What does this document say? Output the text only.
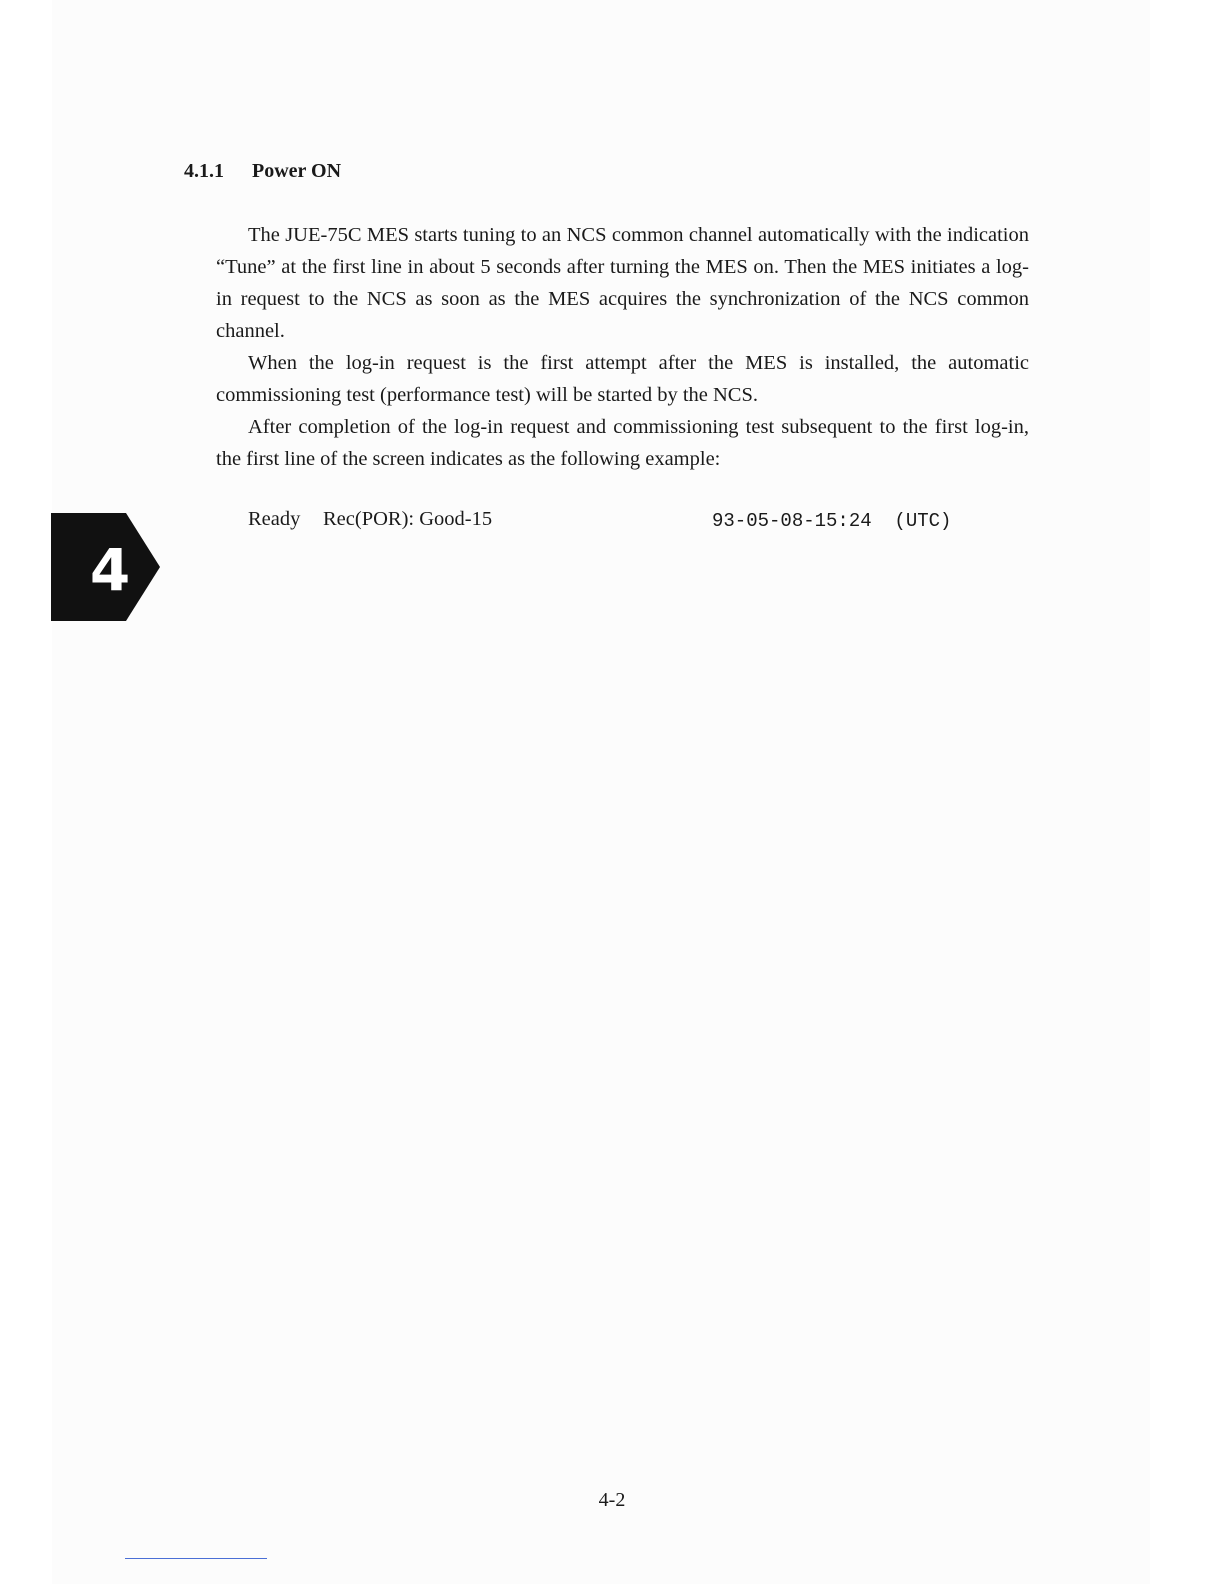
4.1.1 Power ON

The JUE-75C MES starts tuning to an NCS common channel automatically with the indication “Tune” at the first line in about 5 seconds after turning the MES on. Then the MES initiates a log-in request to the NCS as soon as the MES acquires the synchronization of the NCS common channel.

When the log-in request is the first attempt after the MES is installed, the automatic commissioning test (performance test) will be started by the NCS.

After completion of the log-in request and commissioning test subsequent to the first log-in, the first line of the screen indicates as the following example:

Ready Rec(POR): Good-15	93-05-08-15:24  (UTC)
4
4-2
